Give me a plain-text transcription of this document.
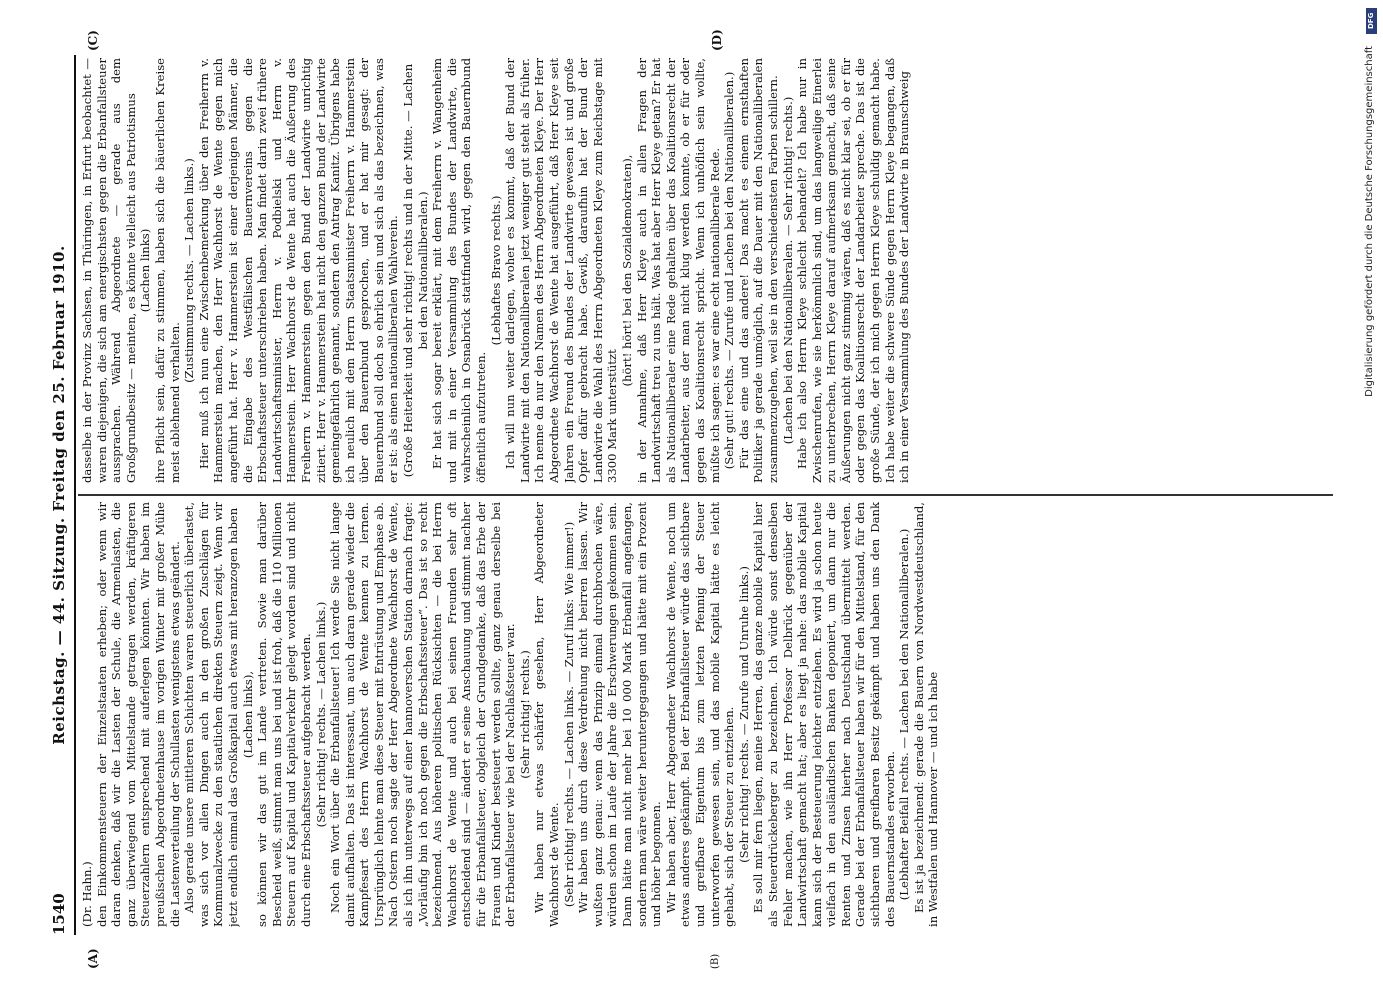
1540
Reichstag. — 44. Sitzung. Freitag den 25. Februar 1910.
(A)	(B)
(C)	(D)

(Dr. Hahn.) den Einkommensteuern der Einzelstaaten erheben; oder wenn wir daran denken, daß wir die Lasten der Schule, die Armenlasten, die ganz überwiegend vom Mittelstande getragen werden, kräftigeren Steuerzahlern entsprechend mit auferlegen könnten. Wir haben im preußischen Abgeordnetenhause im vorigen Winter mit großer Mühe die Lastenverteilung der Schullasten wenigstens etwas geändert. Also gerade unsere mittleren Schichten waren steuerlich überlastet, was sich vor allen Dingen auch in den großen Zuschlägen für Kommunalzwecke zu den staatlichen direkten Steuern zeigt. Wenn wir jetzt endlich einmal das Großkapital auch etwas mit heranzogen haben (Lachen links), so können wir das gut im Lande vertreten. Sowie man darüber Bescheid weiß, stimmt man uns bei und ist froh, daß die 110 Millionen Steuern auf Kapital und Kapitalverkehr gelegt worden sind und nicht durch eine Erbschaftssteuer aufgebracht werden. (Sehr richtig! rechts. — Lachen links.) Noch ein Wort über die Erbanfallsteuer! Ich werde Sie nicht lange damit aufhalten. Das ist interessant, um auch daran gerade wieder die Kampfesart des Herrn Wachhorst de Wente kennen zu lernen. Ursprünglich lehnte man diese Steuer mit Entrüstung und Emphase ab. Nach Ostern noch sagte der Herr Abgeordnete Wachhorst de Wente, als ich ihn unterwegs auf einer hannoverschen Station darnach fragte: „Vorläufig bin ich noch gegen die Erbschaftssteuer“. Das ist so recht bezeichnend. Aus höheren politischen Rücksichten — die bei Herrn Wachhorst de Wente und auch bei seinen Freunden sehr oft entscheidend sind — ändert er seine Anschauung und stimmt nachher für die Erbanfallsteuer, obgleich der Grundgedanke, daß das Erbe der Frauen und Kinder besteuert werden sollte, ganz genau derselbe bei der Erbanfallsteuer wie bei der Nachlaßsteuer war. (Sehr richtig! rechts.) Wir haben nur etwas schärfer gesehen, Herr Abgeordneter Wachhorst de Wente. (Sehr richtig! rechts. — Lachen links. — Zuruf links: Wie immer!) Wir haben uns durch diese Verdrehung nicht beirren lassen. Wir wußten ganz genau: wenn das Prinzip einmal durchbrochen wäre, würden schon im Laufe der Jahre die Erschwerungen gekommen sein. Dann hätte man nicht mehr bei 10 000 Mark Erbanfall angefangen, sondern man wäre weiter heruntergegangen und hätte mit ein Prozent und höher begonnen. Wir haben aber, Herr Abgeordneter Wachhorst de Wente, noch um etwas anderes gekämpft. Bei der Erbanfallsteuer würde das sichtbare und greifbare Eigentum bis zum letzten Pfennig der Steuer unterworfen gewesen sein, und das mobile Kapital hätte es leicht gehabt, sich der Steuer zu entziehen. (Sehr richtig! rechts. — Zurufe und Unruhe links.) Es soll mir fern liegen, meine Herren, das ganze mobile Kapital hier als Steuerdrückeberger zu bezeichnen. Ich würde sonst denselben Fehler machen, wie ihn Herr Professor Delbrück gegenüber der Landwirtschaft gemacht hat; aber es liegt ja nahe: das mobile Kapital kann sich der Besteuerung leichter entziehen. Es wird ja schon heute vielfach in den ausländischen Banken deponiert, um dann nur die Renten und Zinsen hierher nach Deutschland übermittelt werden. Gerade bei der Erbanfallsteuer haben wir für den Mittelstand, für den sichtbaren und greifbaren Besitz gekämpft und haben uns den Dank des Bauernstandes erworben. (Lebhafter Beifall rechts. — Lachen bei den Nationalliberalen.) Es ist ja bezeichnend: gerade die Bauern von Nordwestdeutschland, in Westfalen und Hannover — und ich habe

dasselbe in der Provinz Sachsen, in Thüringen, in Erfurt beobachtet — waren diejenigen, die sich am energischsten gegen die Erbanfallsteuer aussprachen. Während Abgeordnete — gerade aus dem Großgrundbesitz — meinten, es könnte vielleicht aus Patriotismus (Lachen links) ihre Pflicht sein, dafür zu stimmen, haben sich die bäuerlichen Kreise meist ablehnend verhalten.

(Zustimmung rechts. — Lachen links.) Hier muß ich nun eine Zwischenbemerkung über den Freiherrn v. Hammerstein machen, den Herr Wachhorst de Wente gegen mich angeführt hat. Herr v. Hammerstein ist einer derjenigen Männer, die die Eingabe des Westfälischen Bauernvereins gegen die Erbschaftssteuer unterschrieben haben. Man findet darin zwei frühere Landwirtschaftsminister, Herrn v. Podbielski und Herrn v. Hammerstein. Herr Wachhorst de Wente hat auch die Äußerung des Freiherrn v. Hammerstein gegen den Bund der Landwirte unrichtig zitiert. Herr v. Hammerstein hat nicht den ganzen Bund der Landwirte gemeingefährlich genannt, sondern den Antrag Kanitz. Übrigens habe ich neulich mit dem Herrn Staatsminister Freiherrn v. Hammerstein über den Bauernbund gesprochen, und er hat mir gesagt: der Bauernbund soll doch so ehrlich sein und sich als das bezeichnen, was er ist: als einen nationalliberalen Wahlverein. (Große Heiterkeit und sehr richtig! rechts und in der Mitte. — Lachen bei den Nationalliberalen.) Er hat sich sogar bereit erklärt, mit dem Freiherrn v. Wangenheim und mit in einer Versammlung des Bundes der Landwirte, die wahrscheinlich in Osnabrück stattfinden wird, gegen den Bauernbund öffentlich aufzutreten.

(Lebhaftes Bravo rechts.) Ich will nun weiter darlegen, woher es kommt, daß der Bund der Landwirte mit den Nationalliberalen jetzt weniger gut steht als früher. Ich nenne da nur den Namen des Herrn Abgeordneten Kleye. Der Herr Abgeordnete Wachhorst de Wente hat ausgeführt, daß Herr Kleye seit Jahren ein Freund des Bundes der Landwirte gewesen ist und große Opfer dafür gebracht habe. Gewiß, daraufhin hat der Bund der Landwirte die Wahl des Herrn Abgeordneten Kleye zum Reichstage mit 3300 Mark unterstützt

(hört! hört! bei den Sozialdemokraten), in der Annahme, daß Herr Kleye auch in allen Fragen der Landwirtschaft treu zu uns hält. Was hat aber Herr Kleye getan? Er hat als Nationalliberaler eine Rede gehalten über das Koalitionsrecht der Landarbeiter, aus der man nicht klug werden konnte, ob er für oder gegen das Koalitionsrecht spricht. Wenn ich unhöflich sein wollte, müßte ich sagen: es war eine echt nationalliberale Rede. (Sehr gut! rechts. — Zurufe und Lachen bei den Nationalliberalen.) Für das eine und das andere! Das macht es einem ernsthaften Politiker ja gerade unmöglich, auf die Dauer mit den Nationalliberalen zusammenzugehen, weil sie in den verschiedensten Farben schillern. (Lachen bei den Nationalliberalen. — Sehr richtig! rechts.) Habe ich also Herrn Kleye schlecht behandelt? Ich habe nur in Zwischenrufen, wie sie herkömmlich sind, um das langweilige Einerlei zu unterbrechen, Herrn Kleye darauf aufmerksam gemacht, daß seine Äußerungen nicht ganz stimmig wären, daß es nicht klar sei, ob er für oder gegen das Koalitionsrecht der Landarbeiter spreche. Das ist die große Sünde, der ich mich gegen Herrn Kleye schuldig gemacht habe. Ich habe weiter die schwere Sünde gegen Herrn Kleye begangen, daß ich in einer Versammlung des Bundes der Landwirte in Braunschweig

DFG
Digitalisierung gefördert durch die Deutsche Forschungsgemeinschaft
